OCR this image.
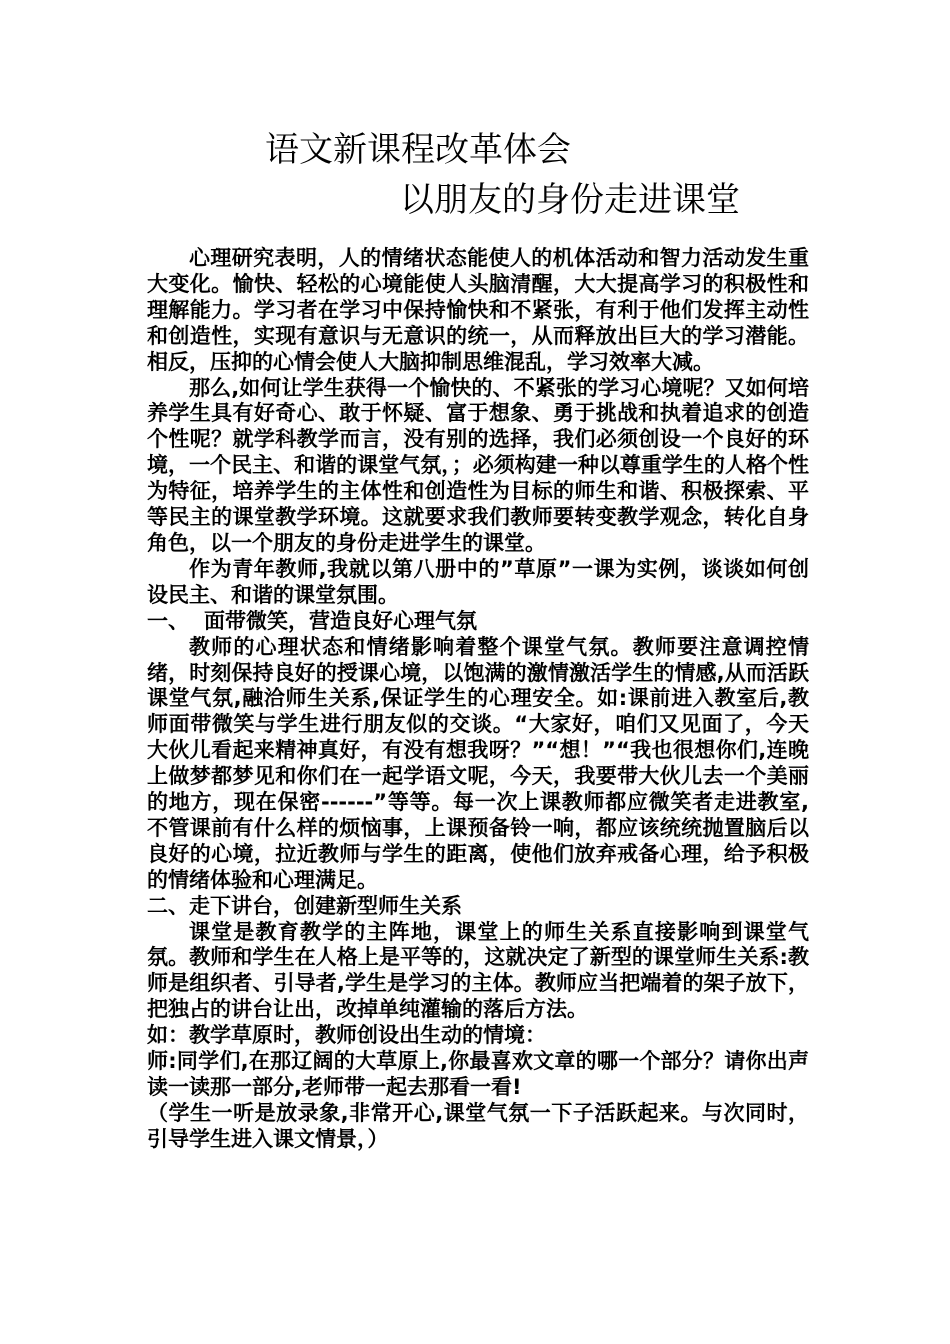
语文新课程改革体会
以朋友的身份走进课堂

心理研究表明，人的情绪状态能使人的机体活动和智力活动发生重大变化。愉快、轻松的心境能使人头脑清醒，大大提高学习的积极性和理解能力。学习者在学习中保持愉快和不紧张，有利于他们发挥主动性和创造性，实现有意识与无意识的统一，从而释放出巨大的学习潜能。相反，压抑的心情会使人大脑抑制思维混乱，学习效率大减。

那么,如何让学生获得一个愉快的、不紧张的学习心境呢？又如何培养学生具有好奇心、敢于怀疑、富于想象、勇于挑战和执着追求的创造个性呢？就学科教学而言，没有别的选择，我们必须创设一个良好的环境，一个民主、和谐的课堂气氛，；必须构建一种以尊重学生的人格个性为特征，培养学生的主体性和创造性为目标的师生和谐、积极探索、平等民主的课堂教学环境。这就要求我们教师要转变教学观念，转化自身角色，以一个朋友的身份走进学生的课堂。

作为青年教师,我就以第八册中的”草原”一课为实例，谈谈如何创设民主、和谐的课堂氛围。

一、 面带微笑，营造良好心理气氛

教师的心理状态和情绪影响着整个课堂气氛。教师要注意调控情绪，时刻保持良好的授课心境，以饱满的激情激活学生的情感,从而活跃课堂气氛,融洽师生关系,保证学生的心理安全。如:课前进入教室后,教师面带微笑与学生进行朋友似的交谈。“大家好，咱们又见面了，今天大伙儿看起来精神真好，有没有想我呀？”“想！”“我也很想你们,连晚上做梦都梦见和你们在一起学语文呢，今天，我要带大伙儿去一个美丽的地方，现在保密------”等等。每一次上课教师都应微笑者走进教室,不管课前有什么样的烦恼事，上课预备铃一响，都应该统统抛置脑后以良好的心境，拉近教师与学生的距离，使他们放弃戒备心理，给予积极的情绪体验和心理满足。

二、走下讲台，创建新型师生关系

课堂是教育教学的主阵地，课堂上的师生关系直接影响到课堂气氛。教师和学生在人格上是平等的，这就决定了新型的课堂师生关系:教师是组织者、引导者,学生是学习的主体。教师应当把端着的架子放下，把独占的讲台让出，改掉单纯灌输的落后方法。

如：教学草原时，教师创设出生动的情境：

师:同学们,在那辽阔的大草原上,你最喜欢文章的哪一个部分？请你出声读一读那一部分,老师带一起去那看一看!

（学生一听是放录象,非常开心,课堂气氛一下子活跃起来。与次同时，引导学生进入课文情景，）
